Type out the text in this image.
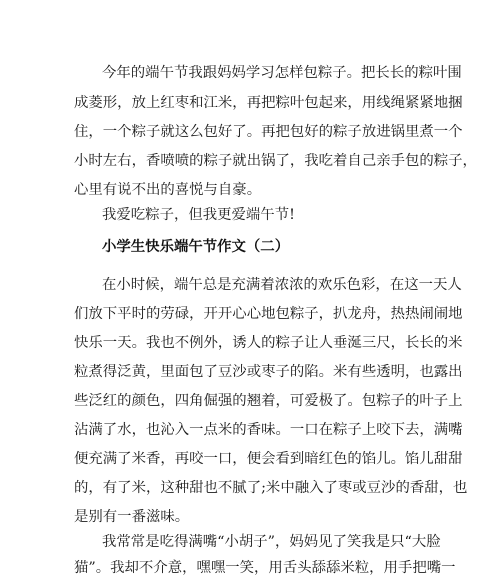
今年的端午节我跟妈妈学习怎样包粽子。把长长的粽叶围
成菱形，放上红枣和江米，再把粽叶包起来，用线绳紧紧地捆
住，一个粽子就这么包好了。再把包好的粽子放进锅里煮一个
小时左右，香喷喷的粽子就出锅了，我吃着自己亲手包的粽子，
心里有说不出的喜悦与自豪。
我爱吃粽子，但我更爱端午节!
小学生快乐端午节作文（二）
在小时候，端午总是充满着浓浓的欢乐色彩，在这一天人
们放下平时的劳碌，开开心心地包粽子，扒龙舟，热热闹闹地
快乐一天。我也不例外，诱人的粽子让人垂涎三尺，长长的米
粒煮得泛黄，里面包了豆沙或枣子的陷。米有些透明，也露出
些泛红的颜色，四角倔强的翘着，可爱极了。包粽子的叶子上
沾满了水，也沁入一点米的香味。一口在粽子上咬下去，满嘴
便充满了米香，再咬一口，便会看到暗红色的馅儿。馅儿甜甜
的，有了米，这种甜也不腻了;米中融入了枣或豆沙的香甜，也
是别有一番滋味。
我常常是吃得满嘴“小胡子”，妈妈见了笑我是只“大脸
猫”。我却不介意，嘿嘿一笑，用舌头舔舔米粒，用手把嘴一
